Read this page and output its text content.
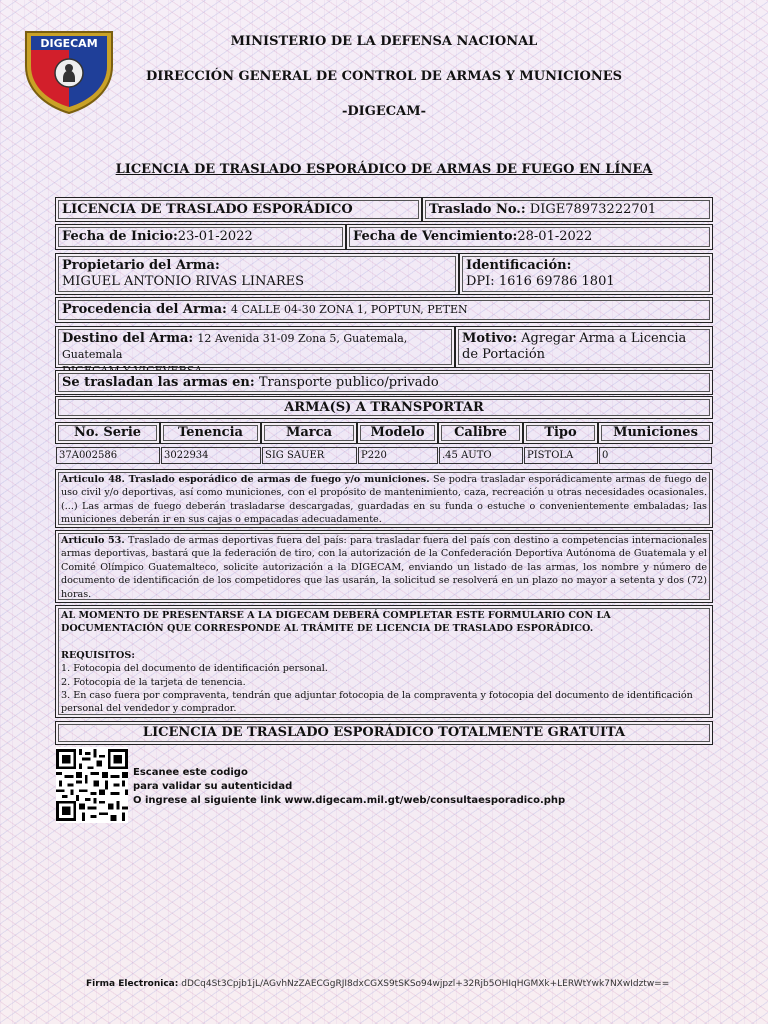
DIGECAM	MINISTERIO DE LA DEFENSA NACIONAL
DIRECCIÓN GENERAL DE CONTROL DE ARMAS Y MUNICIONES
-DIGECAM-
LICENCIA DE TRASLADO ESPORÁDICO DE ARMAS DE FUEGO EN LÍNEA
LICENCIA DE TRASLADO ESPORÁDICO	Traslado No.: DIGE78973222701
Fecha de Inicio:23-01-2022	Fecha de Vencimiento:28-01-2022
Propietario del Arma:
MIGUEL ANTONIO RIVAS LINARES
Identificación:
DPI: 1616 69786 1801
Procedencia del Arma: 4 CALLE 04-30 ZONA 1, POPTUN, PETEN
Destino del Arma: 12 Avenida 31-09 Zona 5, Guatemala, Guatemala
DIGECAM Y VICEVERSA.
Motivo: Agregar Arma a Licencia de Portación
Se trasladan las armas en: Transporte publico/privado
ARMA(S) A TRANSPORTAR
No. Serie	Tenencia	Marca	Modelo	Calibre	Tipo	Municiones
37A002586	3022934	SIG SAUER	P220	.45 AUTO	PISTOLA	0
Articulo 48. Traslado esporádico de armas de fuego y/o municiones. Se podra trasladar esporádicamente armas de fuego de uso civil y/o deportivas, así como municiones, con el propósito de mantenimiento, caza, recreación u otras necesidades ocasionales. (...) Las armas de fuego deberán trasladarse descargadas, guardadas en su funda o estuche o convenientemente embaladas; las municiones deberán ir en sus cajas o empacadas adecuadamente.
Articulo 53. Traslado de armas deportivas fuera del país: para trasladar fuera del país con destino a competencias internacionales armas deportivas, bastará que la federación de tiro, con la autorización de la Confederación Deportiva Autónoma de Guatemala y el Comité Olímpico Guatemalteco, solicite autorización a la DIGECAM, enviando un listado de las armas, los nombre y número de documento de identificación de los competidores que las usarán, la solicitud se resolverá en un plazo no mayor a setenta y dos (72) horas.
AL MOMENTO DE PRESENTARSE A LA DIGECAM DEBERÁ COMPLETAR ESTE FORMULARIO CON LA DOCUMENTACIÓN QUE CORRESPONDE AL TRÁMITE DE LICENCIA DE TRASLADO ESPORÁDICO.
REQUISITOS:
1. Fotocopia del documento de identificación personal.
2. Fotocopia de la tarjeta de tenencia.
3. En caso fuera por compraventa, tendrán que adjuntar fotocopia de la compraventa y fotocopia del documento de identificación personal del vendedor y comprador.
LICENCIA DE TRASLADO ESPORÁDICO TOTALMENTE GRATUITA
Escanee este codigo
para validar su autenticidad
O ingrese al siguiente link www.digecam.mil.gt/web/consultaesporadico.php
Firma Electronica: dDCq4St3Cpjb1jL/AGvhNzZAECGgRJI8dxCGXS9tSKSo94wjpzl+32Rjb5OHIqHGMXk+LERWtYwk7NXwIdztw==
